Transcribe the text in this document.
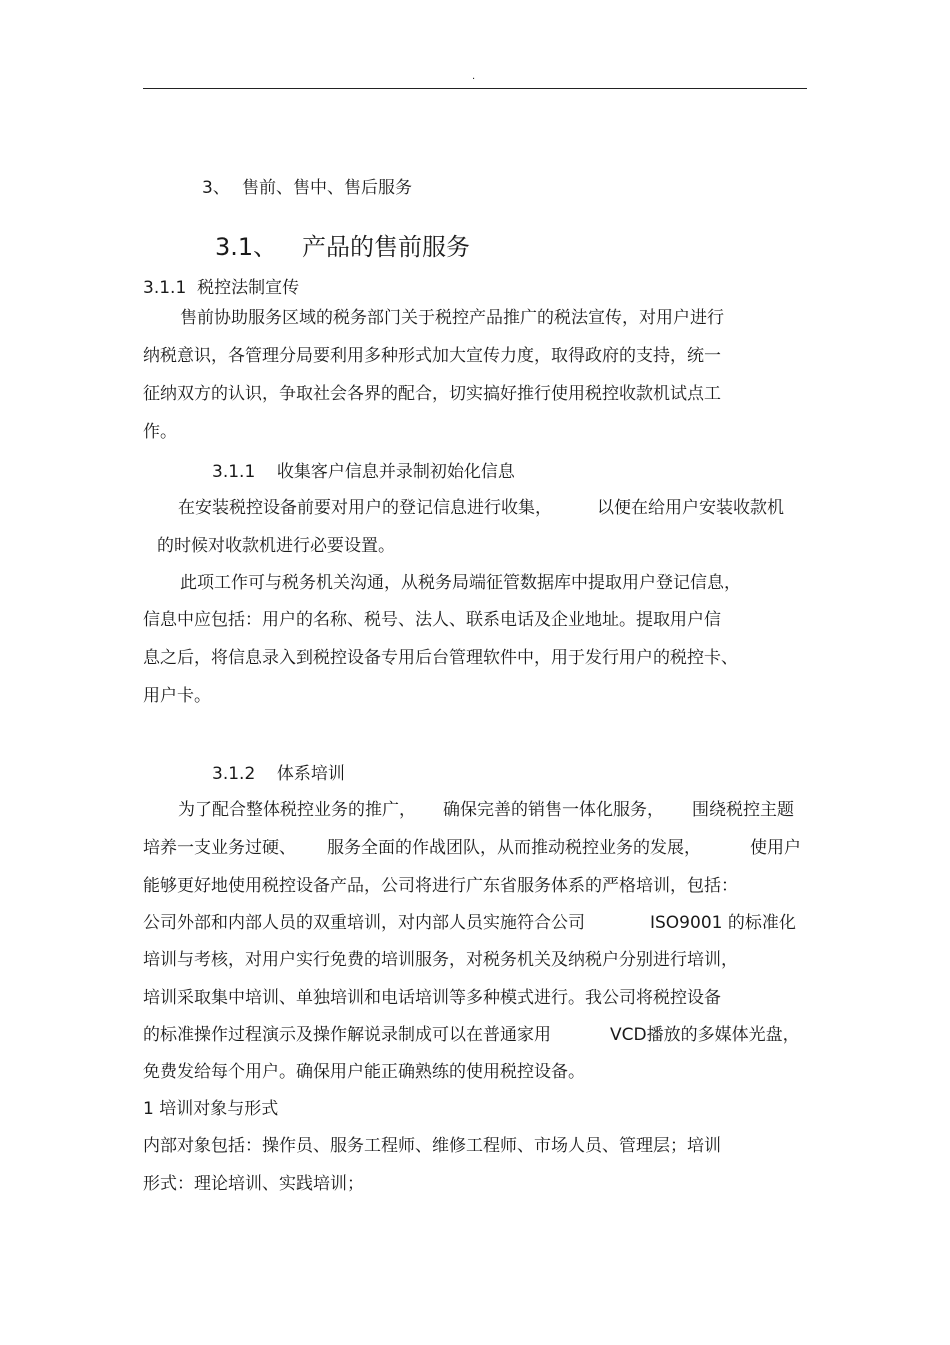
.
3、 售前、售中、售后服务
3.1、 产品的售前服务
3.1.1  税控法制宣传
售前协助服务区域的税务部门关于税控产品推广的税法宣传，对用户进行
纳税意识，各管理分局要利用多种形式加大宣传力度，取得政府的支持，统一
征纳双方的认识，争取社会各界的配合，切实搞好推行使用税控收款机试点工
作。
3.1.1    收集客户信息并录制初始化信息
在安装税控设备前要对用户的登记信息进行收集，	以便在给用户安装收款机
的时候对收款机进行必要设置。
此项工作可与税务机关沟通，从税务局端征管数据库中提取用户登记信息，
信息中应包括：用户的名称、税号、法人、联系电话及企业地址。提取用户信
息之后，将信息录入到税控设备专用后台管理软件中，用于发行用户的税控卡、
用户卡。
3.1.2    体系培训
为了配合整体税控业务的推广， 确保完善的销售一体化服务， 围绕税控主题
培养一支业务过硬、 服务全面的作战团队，从而推动税控业务的发展，	使用户
能够更好地使用税控设备产品，公司将进行广东省服务体系的严格培训，包括：
公司外部和内部人员的双重培训，对内部人员实施符合公司	ISO9001 的标准化
培训与考核，对用户实行免费的培训服务，对税务机关及纳税户分别进行培训，
培训采取集中培训、单独培训和电话培训等多种模式进行。我公司将税控设备
的标准操作过程演示及操作解说录制成可以在普通家用	VCD播放的多媒体光盘，
免费发给每个用户。确保用户能正确熟练的使用税控设备。
1 培训对象与形式
内部对象包括：操作员、服务工程师、维修工程师、市场人员、管理层；培训
形式：理论培训、实践培训；
